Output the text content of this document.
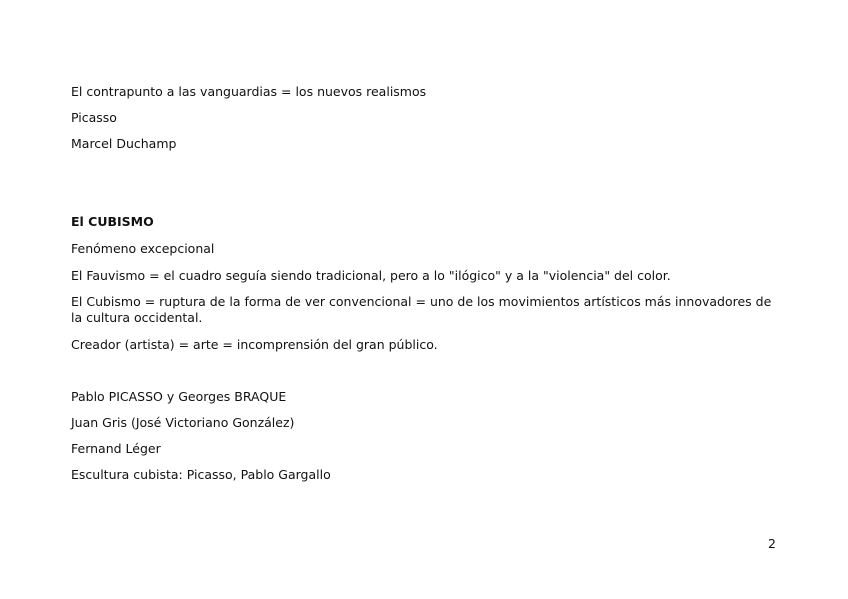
El contrapunto a las vanguardias = los nuevos realismos
Picasso
Marcel Duchamp
El CUBISMO
Fenómeno excepcional
El Fauvismo = el cuadro seguía siendo tradicional, pero a lo "ilógico" y a la "violencia" del color.
El Cubismo = ruptura de la forma de ver convencional = uno de los movimientos artísticos más innovadores de la cultura occidental.
Creador (artista) = arte = incomprensión del gran público.
Pablo PICASSO y Georges BRAQUE
Juan Gris (José Victoriano González)
Fernand Léger
Escultura cubista: Picasso, Pablo Gargallo
2
